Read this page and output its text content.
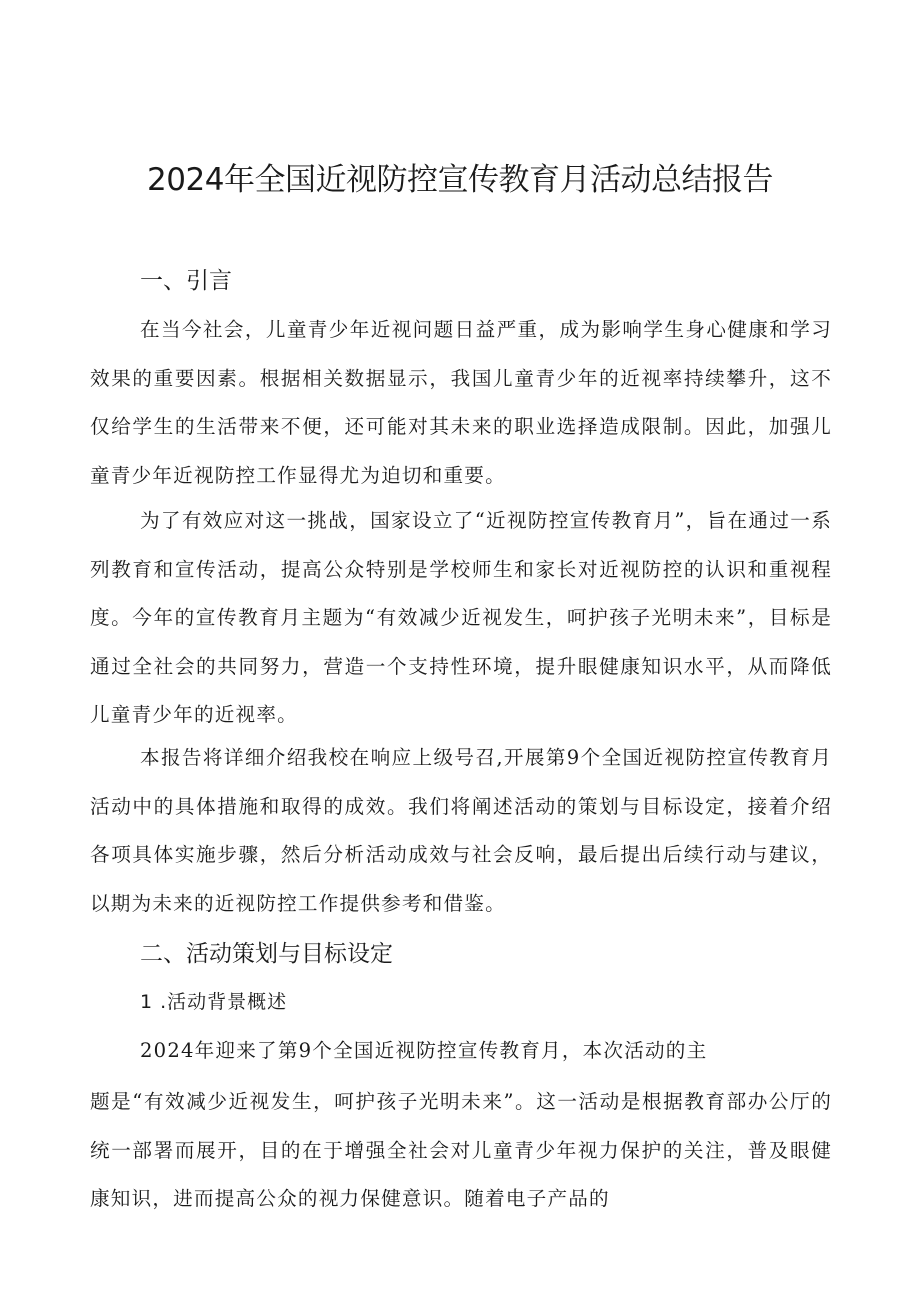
2024年全国近视防控宣传教育月活动总结报告
一、引言
在当今社会，儿童青少年近视问题日益严重，成为影响学生身心健康和学习效果的重要因素。根据相关数据显示，我国儿童青少年的近视率持续攀升，这不仅给学生的生活带来不便，还可能对其未来的职业选择造成限制。因此，加强儿童青少年近视防控工作显得尤为迫切和重要。
为了有效应对这一挑战，国家设立了“近视防控宣传教育月”，旨在通过一系列教育和宣传活动，提高公众特别是学校师生和家长对近视防控的认识和重视程度。今年的宣传教育月主题为“有效减少近视发生，呵护孩子光明未来”，目标是通过全社会的共同努力，营造一个支持性环境，提升眼健康知识水平，从而降低儿童青少年的近视率。
本报告将详细介绍我校在响应上级号召,开展第9个全国近视防控宣传教育月活动中的具体措施和取得的成效。我们将阐述活动的策划与目标设定，接着介绍各项具体实施步骤，然后分析活动成效与社会反响，最后提出后续行动与建议，以期为未来的近视防控工作提供参考和借鉴。
二、活动策划与目标设定
1 .活动背景概述
2024年迎来了第9个全国近视防控宣传教育月，本次活动的主
题是“有效减少近视发生，呵护孩子光明未来”。这一活动是根据教育部办公厅的统一部署而展开，目的在于增强全社会对儿童青少年视力保护的关注，普及眼健康知识，进而提高公众的视力保健意识。随着电子产品的
